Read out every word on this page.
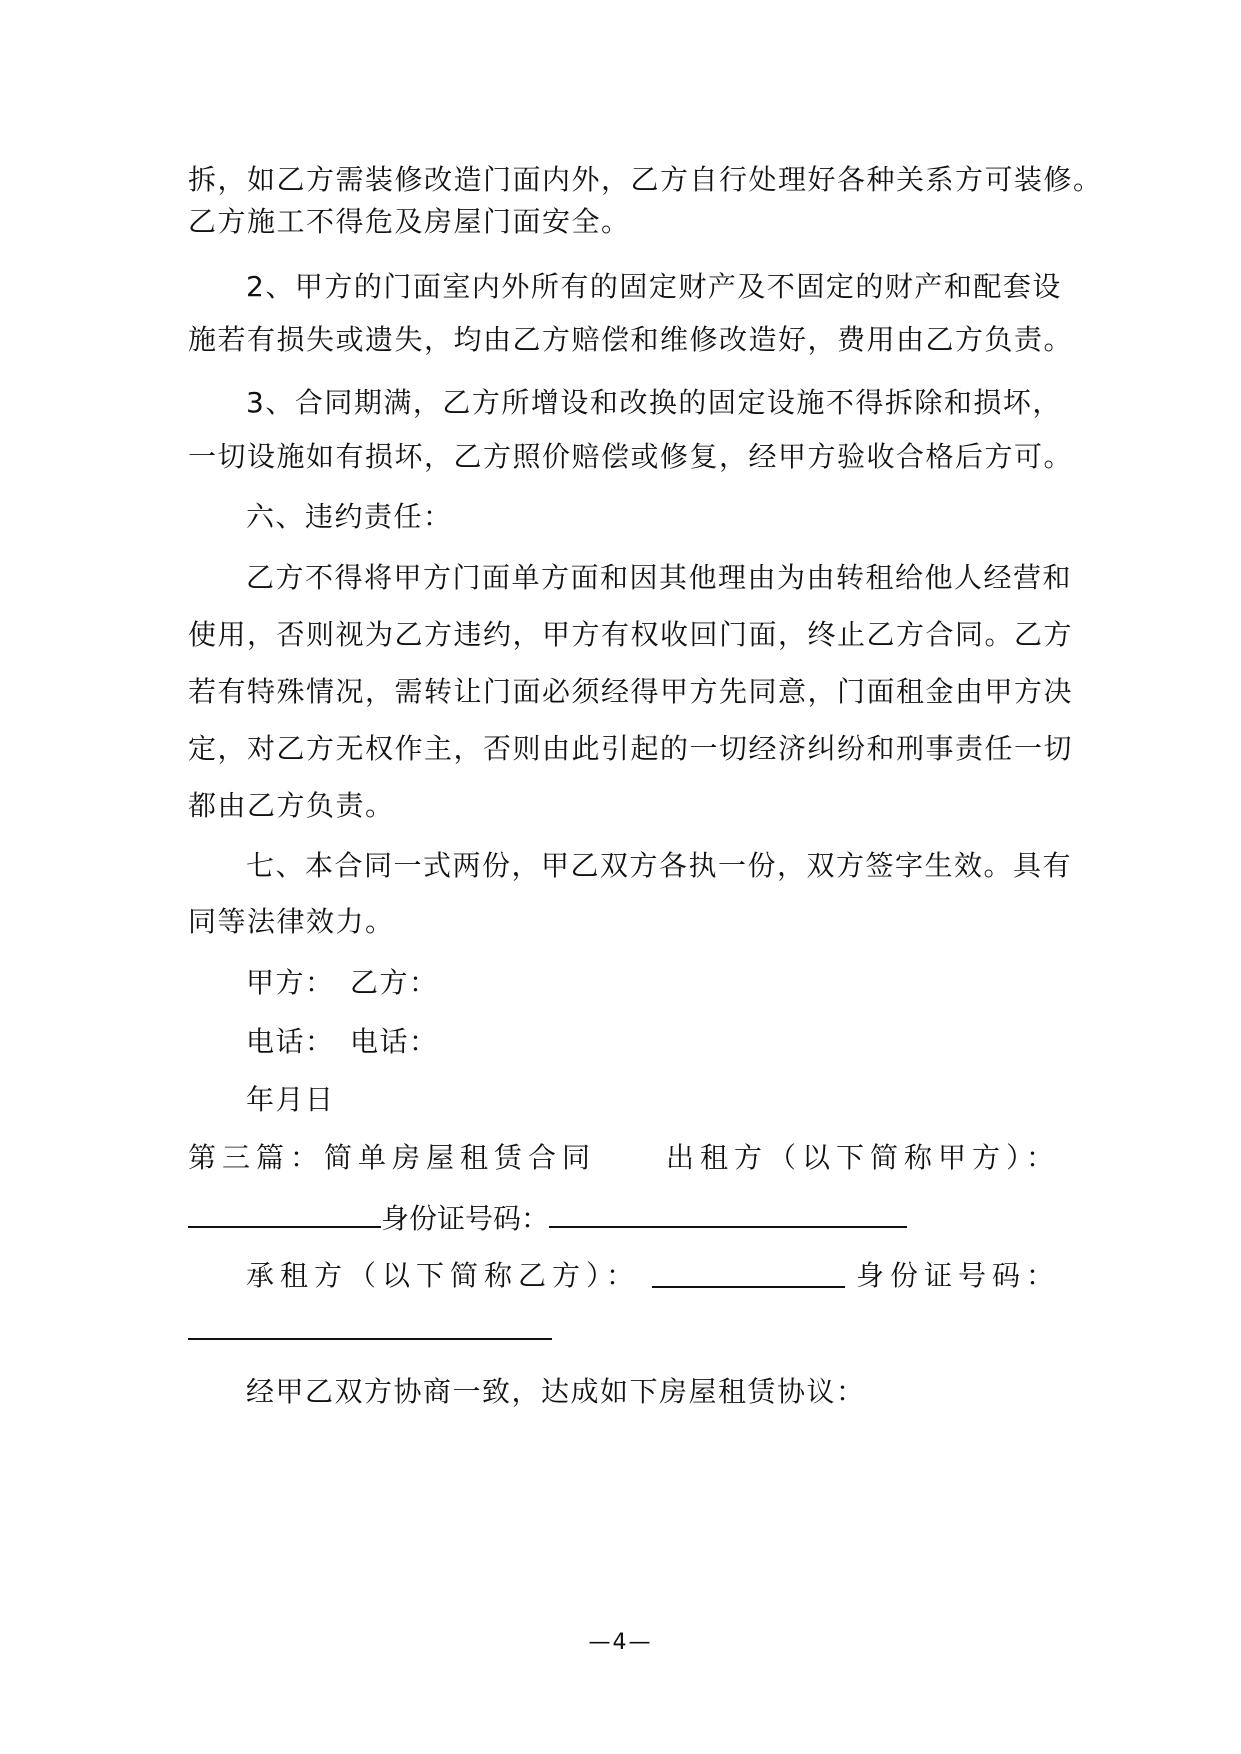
拆，如乙方需装修改造门面内外，乙方自行处理好各种关系方可装修。
乙方施工不得危及房屋门面安全。
2、甲方的门面室内外所有的固定财产及不固定的财产和配套设
施若有损失或遗失，均由乙方赔偿和维修改造好，费用由乙方负责。
3、合同期满，乙方所增设和改换的固定设施不得拆除和损坏，
一切设施如有损坏，乙方照价赔偿或修复，经甲方验收合格后方可。
六、违约责任：
乙方不得将甲方门面单方面和因其他理由为由转租给他人经营和
使用，否则视为乙方违约，甲方有权收回门面，终止乙方合同。乙方
若有特殊情况，需转让门面必须经得甲方先同意，门面租金由甲方决
定，对乙方无权作主，否则由此引起的一切经济纠纷和刑事责任一切
都由乙方负责。
七、本合同一式两份，甲乙双方各执一份，双方签字生效。具有
同等法律效力。
甲方：　乙方：
电话：　电话：
年月日
第三篇：简单房屋租赁合同 出租方（以下简称甲方）：
身份证号码：
承租方（以下简称乙方）：	身份证号码：
经甲乙双方协商一致，达成如下房屋租赁协议：
—4—
